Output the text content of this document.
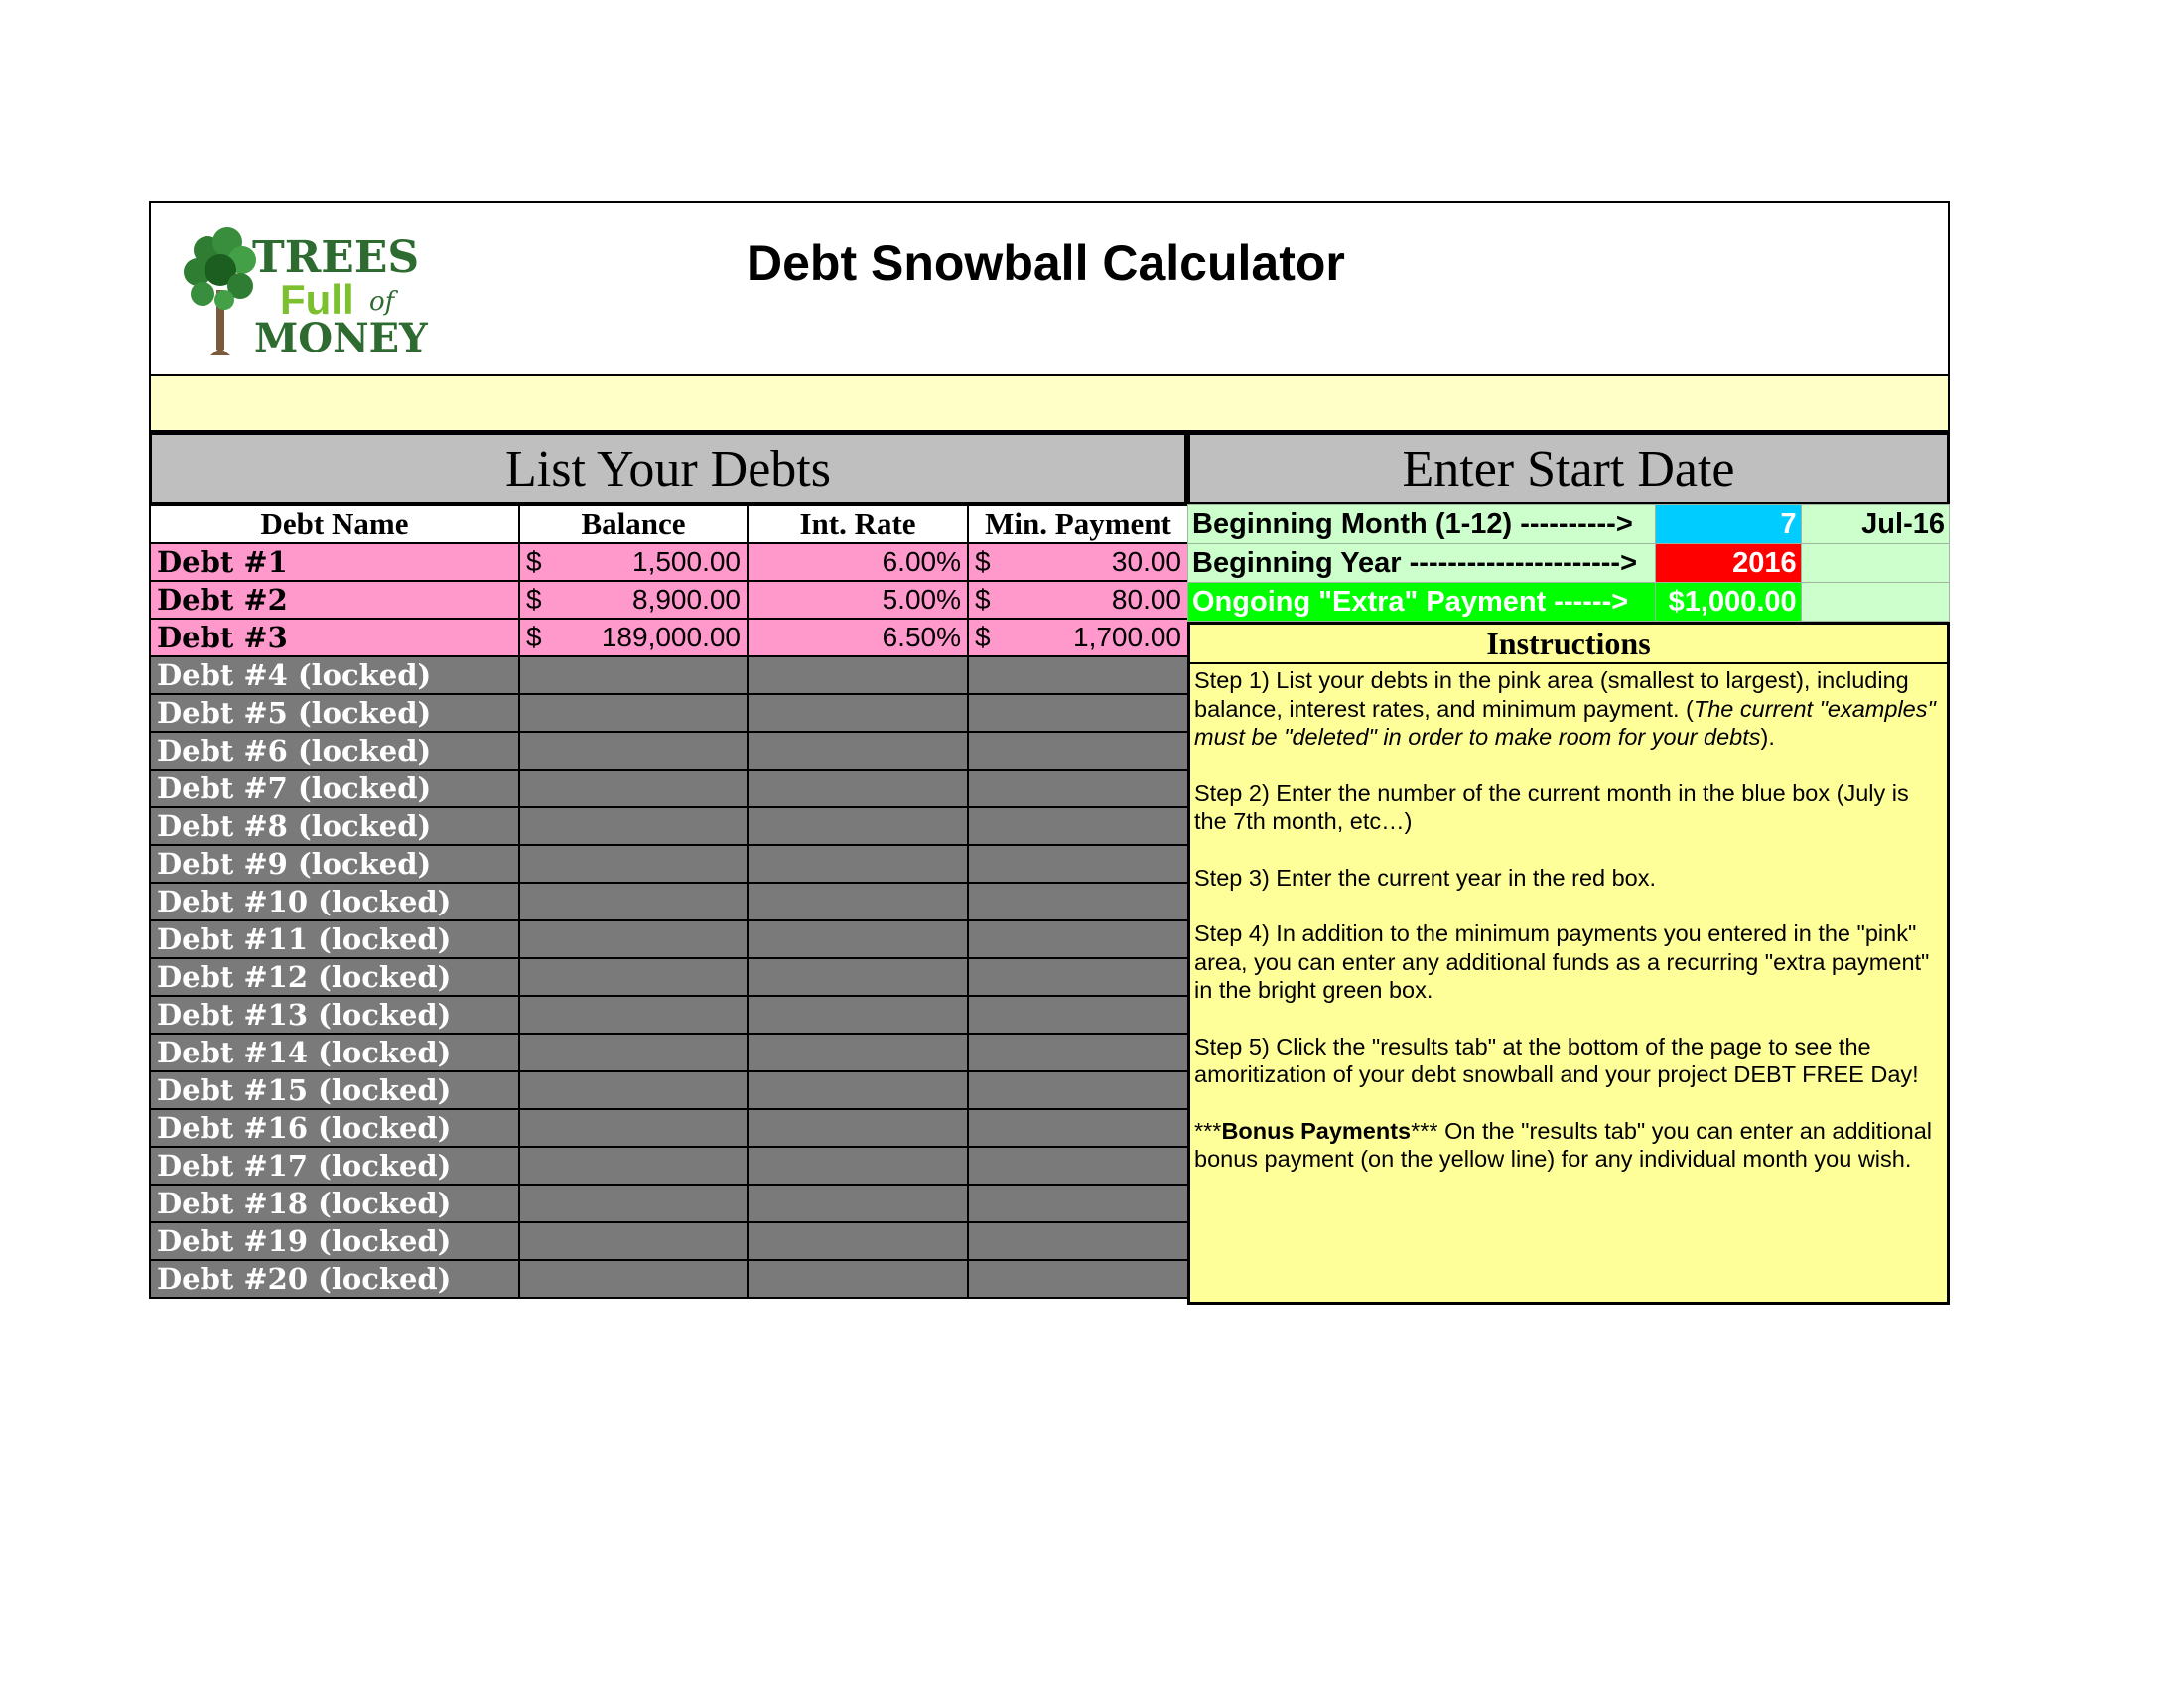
TREES
Full of
MONEY
Debt Snowball Calculator
List Your Debts	Enter Start Date
Debt Name	Balance	Int. Rate	Min. Payment
Debt #1	$ 1,500.00	6.00%	$ 30.00

Debt #2	$ 8,900.00	5.00%	$ 80.00

Debt #3	$ 189,000.00	6.50%	$ 1,700.00

Debt #4 (locked)			
Debt #5 (locked)			
Debt #6 (locked)			
Debt #7 (locked)			
Debt #8 (locked)			
Debt #9 (locked)			
Debt #10 (locked)			
Debt #11 (locked)			
Debt #12 (locked)			
Debt #13 (locked)			
Debt #14 (locked)			
Debt #15 (locked)			
Debt #16 (locked)			
Debt #17 (locked)			
Debt #18 (locked)			
Debt #19 (locked)			
Debt #20 (locked)			
Beginning Month (1-12) ---------->	7	Jul-16
Beginning Year ---------------------->	2016	
Ongoing "Extra" Payment ------>	$1,000.00	
Instructions

Step 1) List your debts in the pink area (smallest to largest), including balance, interest rates, and minimum payment. (The current "examples" must be "deleted" in order to make room for your debts).

Step 2) Enter the number of the current month in the blue box (July is the 7th month, etc…)

Step 3) Enter the current year in the red box.

Step 4) In addition to the minimum payments you entered in the "pink" area, you can enter any additional funds as a recurring "extra payment" in the bright green box.

Step 5) Click the "results tab" at the bottom of the page to see the amoritization of your debt snowball and your project DEBT FREE Day!

***Bonus Payments*** On the "results tab" you can enter an additional bonus payment (on the yellow line) for any individual month you wish.
